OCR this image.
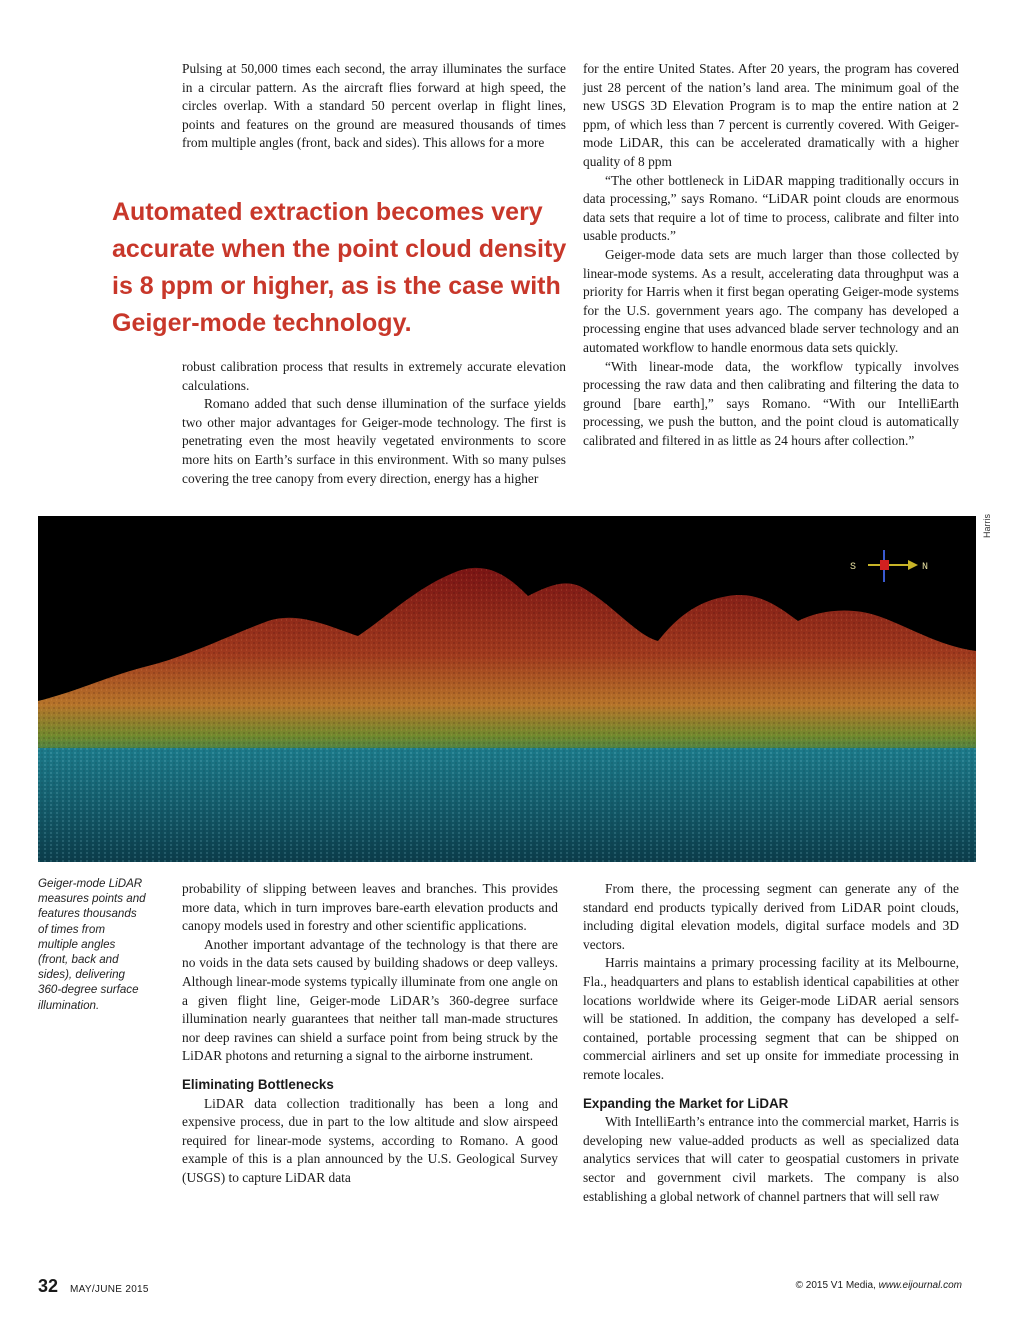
Pulsing at 50,000 times each second, the array illuminates the surface in a circular pattern. As the aircraft flies forward at high speed, the circles overlap. With a standard 50 percent overlap in flight lines, points and features on the ground are measured thousands of times from multiple angles (front, back and sides). This allows for a more

Automated extraction becomes very accurate when the point cloud density is 8 ppm or higher, as is the case with Geiger-mode technology.

robust calibration process that results in extremely accurate elevation calculations.

Romano added that such dense illumination of the surface yields two other major advantages for Geiger-mode technology. The first is penetrating even the most heavily vegetated environments to score more hits on Earth’s surface in this environment. With so many pulses covering the tree canopy from every direction, energy has a higher

for the entire United States. After 20 years, the program has covered just 28 percent of the nation’s land area. The minimum goal of the new USGS 3D Elevation Program is to map the entire nation at 2 ppm, of which less than 7 percent is currently covered. With Geiger-mode LiDAR, this can be accelerated dramatically with a higher quality of 8 ppm

“The other bottleneck in LiDAR mapping traditionally occurs in data processing,” says Romano. “LiDAR point clouds are enormous data sets that require a lot of time to process, calibrate and filter into usable products.”

Geiger-mode data sets are much larger than those collected by linear-mode systems. As a result, accelerating data throughput was a priority for Harris when it first began operating Geiger-mode systems for the U.S. government years ago. The company has developed a processing engine that uses advanced blade server technology and an automated workflow to handle enormous data sets quickly.

“With linear-mode data, the workflow typically involves processing the raw data and then calibrating and filtering the data to ground [bare earth],” says Romano. “With our IntelliEarth processing, we push the button, and the point cloud is automatically calibrated and filtered in as little as 24 hours after collection.”

Harris
S	N
Geiger-mode LiDAR measures points and features thousands of times from multiple angles (front, back and sides), delivering 360-degree surface illumination.

probability of slipping between leaves and branches. This provides more data, which in turn improves bare-earth elevation products and canopy models used in forestry and other scientific applications.

Another important advantage of the technology is that there are no voids in the data sets caused by building shadows or deep valleys. Although linear-mode systems typically illuminate from one angle on a given flight line, Geiger-mode LiDAR’s 360-degree surface illumination nearly guarantees that neither tall man-made structures nor deep ravines can shield a surface point from being struck by the LiDAR photons and returning a signal to the airborne instrument.

Eliminating Bottlenecks

LiDAR data collection traditionally has been a long and expensive process, due in part to the low altitude and slow airspeed required for linear-mode systems, according to Romano. A good example of this is a plan announced by the U.S. Geological Survey (USGS) to capture LiDAR data

From there, the processing segment can generate any of the standard end products typically derived from LiDAR point clouds, including digital elevation models, digital surface models and 3D vectors.

Harris maintains a primary processing facility at its Melbourne, Fla., headquarters and plans to establish identical capabilities at other locations worldwide where its Geiger-mode LiDAR aerial sensors will be stationed. In addition, the company has developed a self-contained, portable processing segment that can be shipped on commercial airliners and set up onsite for immediate processing in remote locales.

Expanding the Market for LiDAR

With IntelliEarth’s entrance into the commercial market, Harris is developing new value-added products as well as specialized data analytics services that will cater to geospatial customers in private sector and government civil markets. The company is also establishing a global network of channel partners that will sell raw

32 MAY/JUNE 2015	© 2015 V1 Media, www.eijournal.com
